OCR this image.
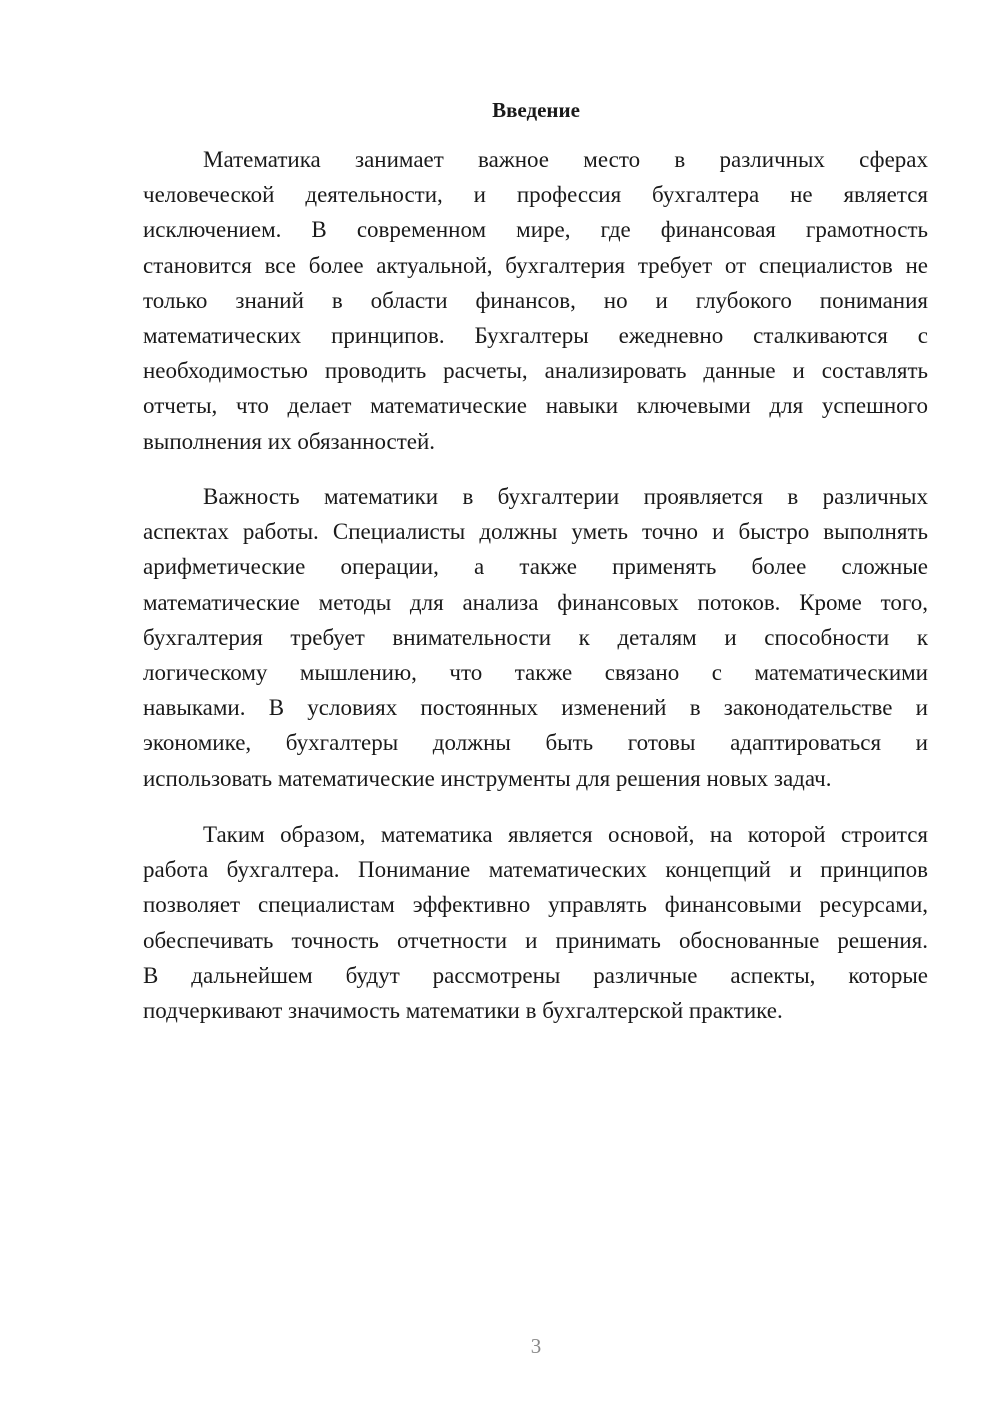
Введение
Математика занимает важное место в различных сферах
человеческой деятельности, и профессия бухгалтера не является
исключением. В современном мире, где финансовая грамотность
становится все более актуальной, бухгалтерия требует от специалистов не
только знаний в области финансов, но и глубокого понимания
математических принципов. Бухгалтеры ежедневно сталкиваются с
необходимостью проводить расчеты, анализировать данные и составлять
отчеты, что делает математические навыки ключевыми для успешного
выполнения их обязанностей.
Важность математики в бухгалтерии проявляется в различных
аспектах работы. Специалисты должны уметь точно и быстро выполнять
арифметические операции, а также применять более сложные
математические методы для анализа финансовых потоков. Кроме того,
бухгалтерия требует внимательности к деталям и способности к
логическому мышлению, что также связано с математическими
навыками. В условиях постоянных изменений в законодательстве и
экономике, бухгалтеры должны быть готовы адаптироваться и
использовать математические инструменты для решения новых задач.
Таким образом, математика является основой, на которой строится
работа бухгалтера. Понимание математических концепций и принципов
позволяет специалистам эффективно управлять финансовыми ресурсами,
обеспечивать точность отчетности и принимать обоснованные решения.
В дальнейшем будут рассмотрены различные аспекты, которые
подчеркивают значимость математики в бухгалтерской практике.
3
